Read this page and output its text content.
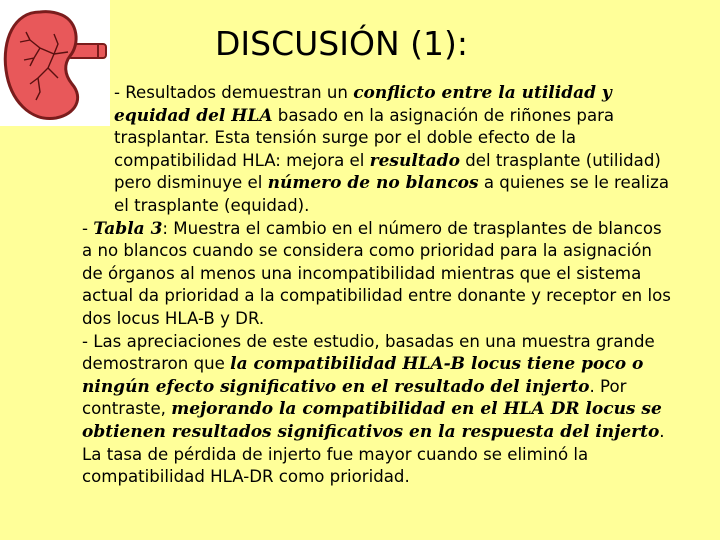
DISCUSIÓN (1):

- Resultados demuestran un conflicto entre la utilidad y equidad del HLA basado en la asignación de riñones para trasplantar. Esta tensión surge por el doble efecto de la compatibilidad HLA: mejora el resultado del trasplante (utilidad) pero disminuye el número de no blancos a quienes se le realiza el trasplante (equidad).

- Tabla 3: Muestra el cambio en el número de trasplantes de blancos a no blancos cuando se considera como prioridad para la asignación de órganos al menos una incompatibilidad mientras que el sistema actual da prioridad a la compatibilidad entre donante y receptor en los dos locus HLA-B y DR.

- Las apreciaciones de este estudio, basadas en una muestra grande demostraron que la compatibilidad HLA-B locus tiene poco o ningún efecto significativo en el resultado del injerto. Por contraste, mejorando la compatibilidad en el HLA DR locus se obtienen resultados significativos en la respuesta del injerto. La tasa de pérdida de injerto fue mayor cuando se eliminó la compatibilidad HLA-DR como prioridad.
